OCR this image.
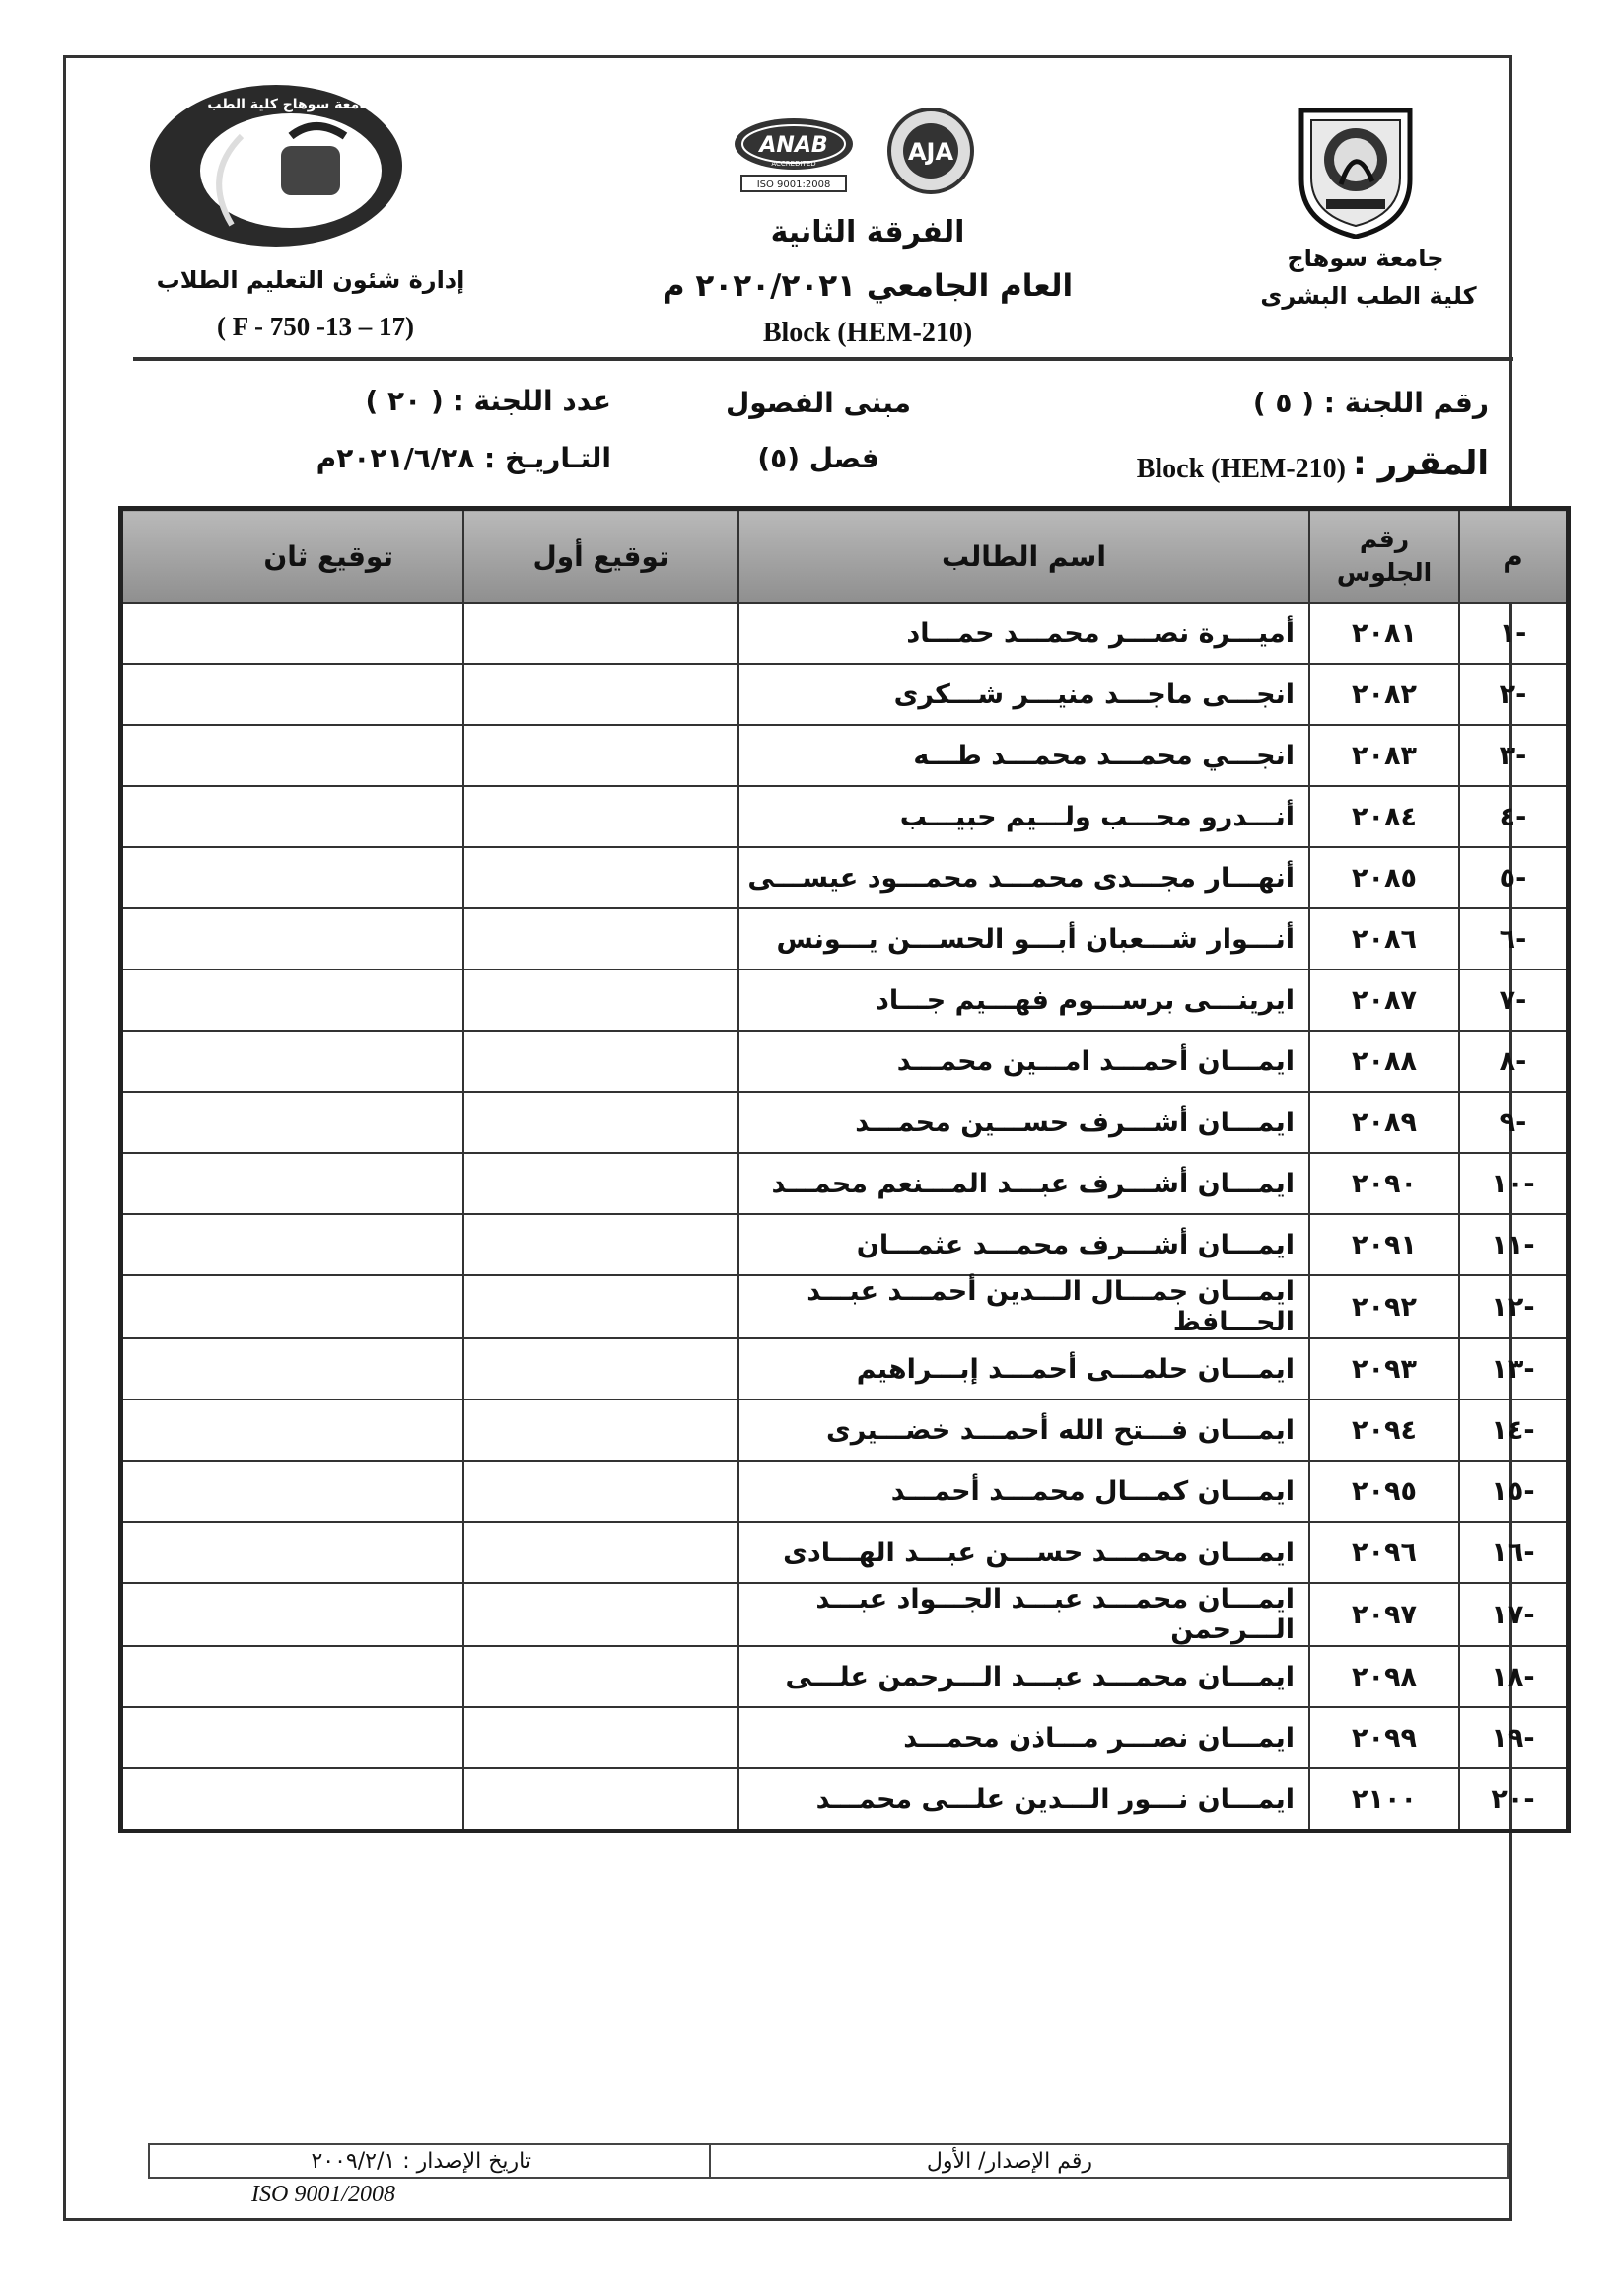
جامعة سوهاج
كلية الطب البشرى
ANAB
ACCREDITED
ISO 9001:2008
AJA
الفرقة الثانية
العام الجامعي ٢٠٢٠/٢٠٢١ م
Block (HEM-210)
جامعة سوهاج كلية الطب
إدارة شئون التعليم الطلاب
( F - 750 -13 – 17)
رقم اللجنة : ( ٥ )
مبنى الفصول
عدد اللجنة : ( ٢٠ )
المقرر :
Block (HEM-210)
فصل (٥)
التـاريـخ : ٢٠٢١/٦/٢٨م
م	رقم الجلوس	اسم الطالب	توقيع أول	توقيع ثان
-١	٢٠٨١	أميـــرة نصـــر محمـــد حمـــاد		
-٢	٢٠٨٢	انجـــى ماجـــد منيـــر شـــكرى		
-٣	٢٠٨٣	انجـــي محمـــد محمـــد طـــه		
-٤	٢٠٨٤	أنـــدرو محـــب ولـــيم حبيـــب		
-٥	٢٠٨٥	أنهـــار مجـــدى محمـــد محمـــود عيســـى		
-٦	٢٠٨٦	أنـــوار شـــعبان أبـــو الحســـن يـــونس		
-٧	٢٠٨٧	ايرينـــى برســـوم فهـــيم جـــاد		
-٨	٢٠٨٨	ايمـــان أحمـــد امـــين محمـــد		
-٩	٢٠٨٩	ايمـــان أشـــرف حســـين محمـــد		
-١٠	٢٠٩٠	ايمـــان أشـــرف عبـــد المـــنعم محمـــد		
-١١	٢٠٩١	ايمـــان أشـــرف محمـــد عثمـــان		
-١٢	٢٠٩٢	ايمـــان جمـــال الـــدين أحمـــد عبـــد الحـــافظ		
-١٣	٢٠٩٣	ايمـــان حلمـــى أحمـــد إبـــراهيم		
-١٤	٢٠٩٤	ايمـــان فـــتح الله أحمـــد خضـــيرى		
-١٥	٢٠٩٥	ايمـــان كمـــال محمـــد أحمـــد		
-١٦	٢٠٩٦	ايمـــان محمـــد حســـن عبـــد الهـــادى		
-١٧	٢٠٩٧	ايمـــان محمـــد عبـــد الجـــواد عبـــد الـــرحمن		
-١٨	٢٠٩٨	ايمـــان محمـــد عبـــد الـــرحمن علـــى		
-١٩	٢٠٩٩	ايمـــان نصـــر مـــاذن محمـــد		
-٢٠	٢١٠٠	ايمـــان نـــور الـــدين علـــى محمـــد		
رقم الإصدار/ الأول
تاريخ الإصدار : ٢٠٠٩/٢/١
ISO 9001/2008
